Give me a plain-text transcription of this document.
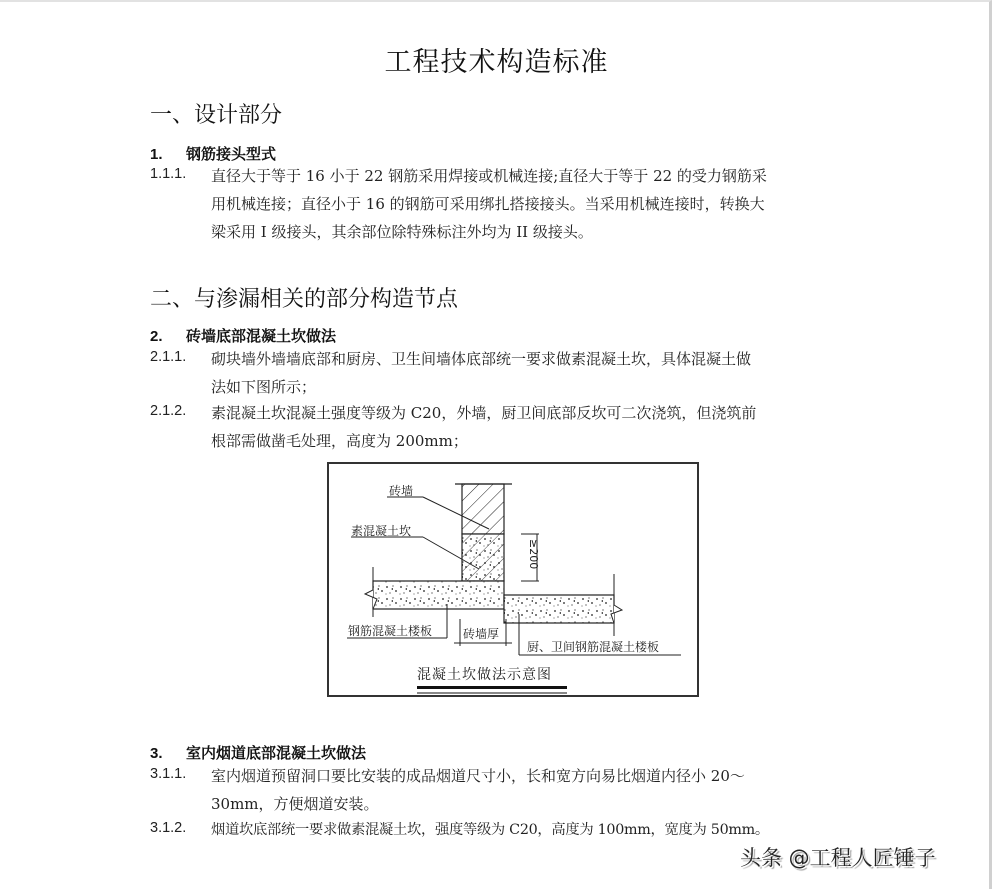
工程技术构造标准
一、设计部分
1. 钢筋接头型式
1.1.1. 直径大于等于 16 小于 22 钢筋采用焊接或机械连接;直径大于等于 22 的受力钢筋采
用机械连接；直径小于 16 的钢筋可采用绑扎搭接接头。当采用机械连接时，转换大
梁采用 I 级接头，其余部位除特殊标注外均为 II 级接头。
二、与渗漏相关的部分构造节点
2. 砖墙底部混凝土坎做法
2.1.1. 砌块墙外墙墙底部和厨房、卫生间墙体底部统一要求做素混凝土坎，具体混凝土做
法如下图所示；
2.1.2. 素混凝土坎混凝土强度等级为 C20，外墙，厨卫间底部反坎可二次浇筑，但浇筑前
根部需做凿毛处理，高度为 200mm；
砖墙
素混凝土坎
≥200
钢筋混凝土楼板	砖墙厚
厨、卫间钢筋混凝土楼板
混凝土坎做法示意图
3. 室内烟道底部混凝土坎做法
3.1.1. 室内烟道预留洞口要比安装的成品烟道尺寸小，长和宽方向易比烟道内径小 20～
30mm，方便烟道安装。
3.1.2. 烟道坎底部统一要求做素混凝土坎，强度等级为 C20，高度为 100mm，宽度为 50mm。
头条 @工程人匠锤子
